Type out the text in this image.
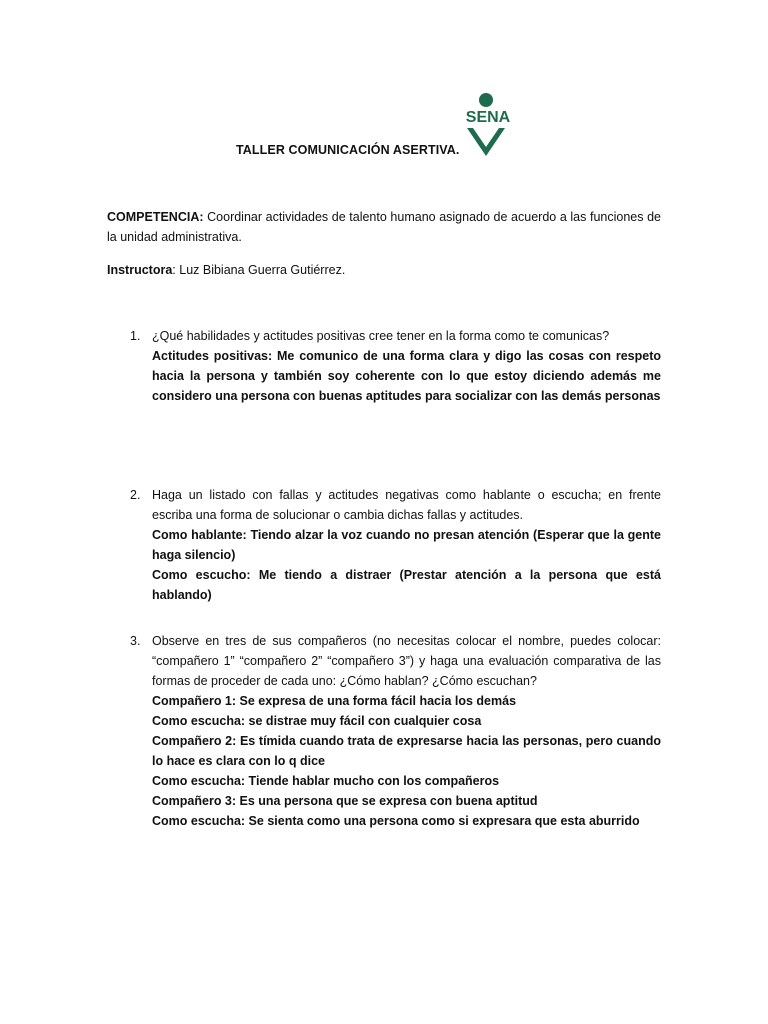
SENA
TALLER COMUNICACIÓN ASERTIVA.
COMPETENCIA: Coordinar actividades de talento humano asignado de acuerdo a las funciones de la unidad administrativa.
Instructora: Luz Bibiana Guerra Gutiérrez.
1. ¿Qué habilidades y actitudes positivas cree tener en la forma como te comunicas?
Actitudes positivas: Me comunico de una forma clara y digo las cosas con respeto hacia la persona y también soy coherente con lo que estoy diciendo además me considero una persona con buenas aptitudes para socializar con las demás personas
2. Haga un listado con fallas y actitudes negativas como hablante o escucha; en frente escriba una forma de solucionar o cambia dichas fallas y actitudes.
Como hablante: Tiendo alzar la voz cuando no presan atención (Esperar que la gente haga silencio)
Como escucho: Me tiendo a distraer (Prestar atención a la persona que está hablando)
3. Observe en tres de sus compañeros (no necesitas colocar el nombre, puedes colocar: “compañero 1” “compañero 2” “compañero 3”) y haga una evaluación comparativa de las formas de proceder de cada uno: ¿Cómo hablan? ¿Cómo escuchan?
Compañero 1: Se expresa de una forma fácil hacia los demás
Como escucha: se distrae muy fácil con cualquier cosa
Compañero 2: Es tímida cuando trata de expresarse hacia las personas, pero cuando lo hace es clara con lo q dice
Como escucha: Tiende hablar mucho con los compañeros
Compañero 3: Es una persona que se expresa con buena aptitud
Como escucha: Se sienta como una persona como si expresara que esta aburrido
